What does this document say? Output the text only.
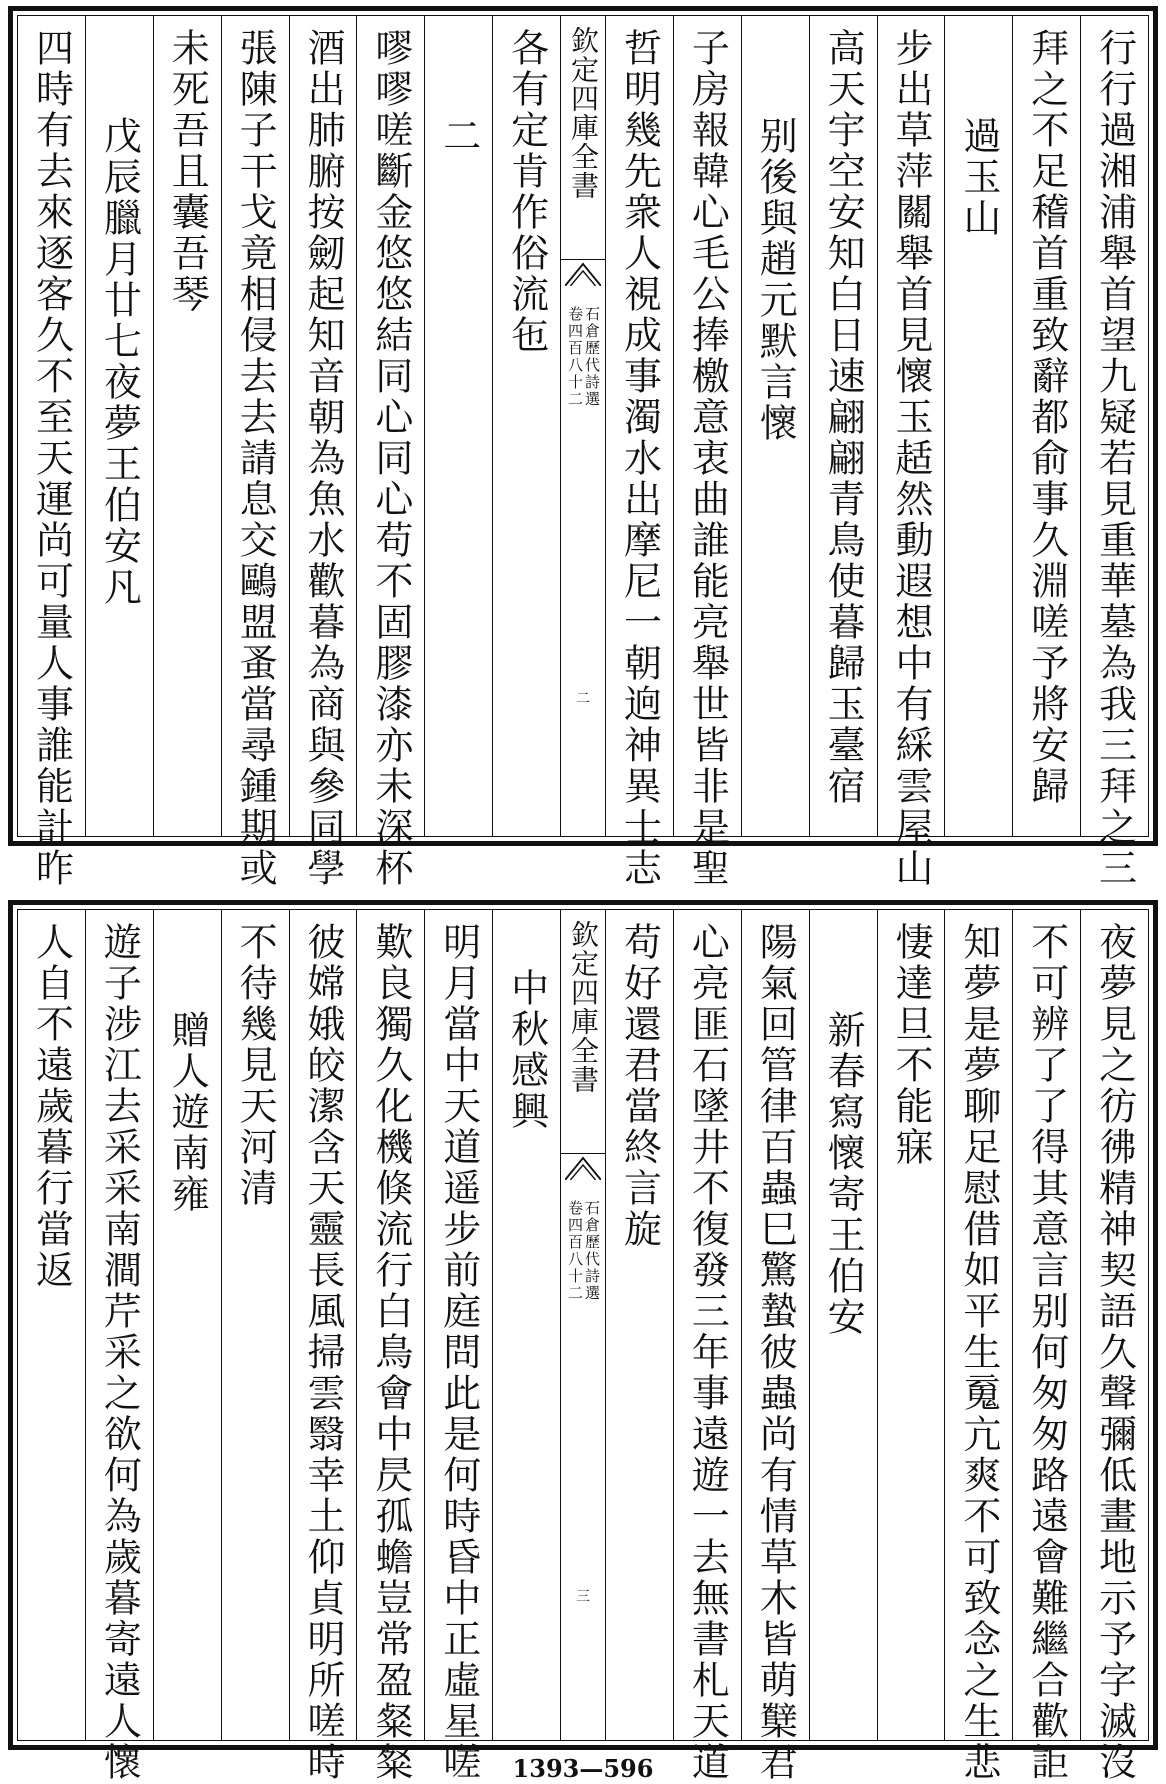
行行過湘浦舉首望九疑若見重華墓為我三拜之三
拜之不足稽首重致辭都俞事久淵嗟予將安歸
過玉山
步出草萍關舉首見懷玉趏然動遐想中有綵雲屋山
高天宇空安知白日速翩翩青鳥使暮歸玉臺宿
别後與趙元默言懷
子房報韓心毛公捧檄意衷曲誰能亮舉世皆非是聖
哲明幾先衆人視成事濁水出摩尼一朝逈神異士志
欽定四庫全書
石倉歷代詩選
卷四百八十二
二
各有定肯作俗流㐌
二
嘐嘐嗟斷金悠悠結同心同心苟不固膠漆亦未深杯
酒出肺腑按劒起知音朝為魚水歡暮為商與參同學
張陳子干戈竟相侵去去請息交鷗盟蚤當尋鍾期或
未死吾且囊吾琴
戊辰臘月廿七夜夢王伯安凡
四時有去來逐客久不至天運尚可量人事誰能計昨
夜夢見之彷彿精神契語久聲彌低畫地示予字滅沒
不可辨了了得其意言别何匆匆路遠會難繼合歡詎
知夢是夢聊足慰借如平生䰟亢爽不可致念之生悲
悽達旦不能寐
新春寫懷寄王伯安
陽氣回管律百蟲巳驚蟄彼蟲尚有情草木皆萌櫱君
心亮匪石墜井不復發三年事遠遊一去無書札天道
苟好還君當終言旋
欽定四庫全書
石倉歷代詩選
卷四百八十二
三
中秋感興
明月當中天道遥步前庭問此是何時昏中正虛星嗟
歎良獨久化機倏流行白鳥會中昃孤蟾豈常盈粲粲
彼嫦娥皎潔含天靈長風掃雲翳幸土仰貞明所嗟時
不待幾見天河清
贈人遊南雍
遊子涉江去采采南澗芹采之欲何為歲暮寄遠人懷
人自不遠歲暮行當返
1393—596
